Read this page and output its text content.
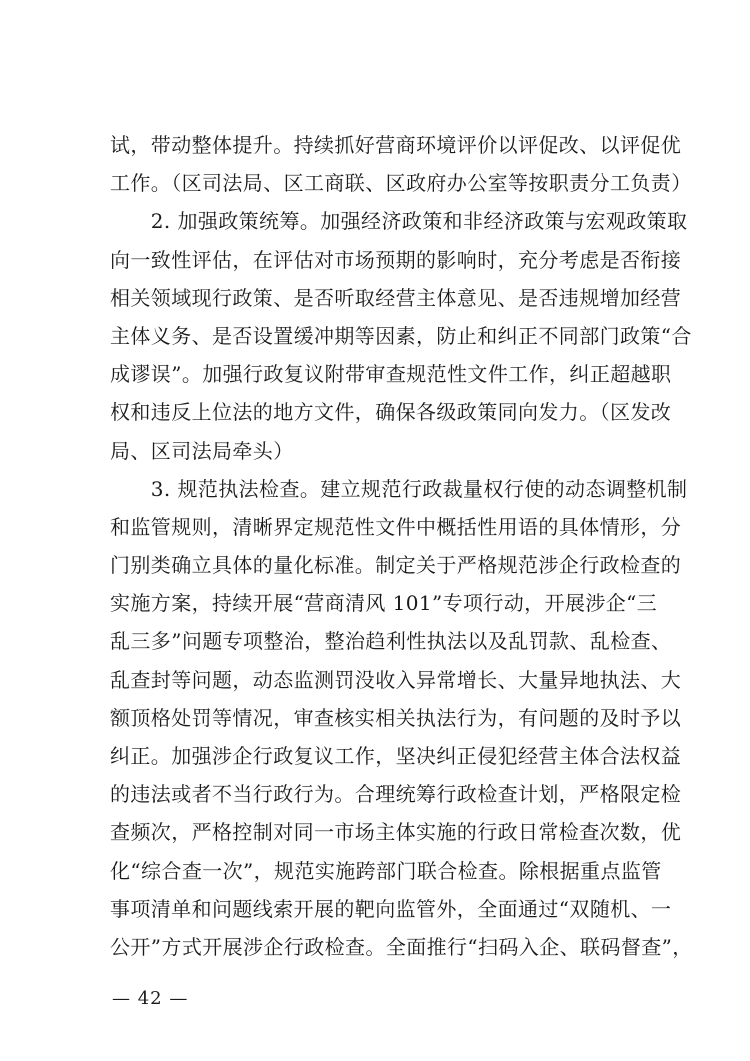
试，带动整体提升。持续抓好营商环境评价以评促改、以评促优
工作。（区司法局、区工商联、区政府办公室等按职责分工负责）
　　2. 加强政策统筹。加强经济政策和非经济政策与宏观政策取
向一致性评估，在评估对市场预期的影响时，充分考虑是否衔接
相关领域现行政策、是否听取经营主体意见、是否违规增加经营
主体义务、是否设置缓冲期等因素，防止和纠正不同部门政策“合
成谬误”。加强行政复议附带审查规范性文件工作，纠正超越职
权和违反上位法的地方文件，确保各级政策同向发力。（区发改
局、区司法局牵头）
　　3. 规范执法检查。建立规范行政裁量权行使的动态调整机制
和监管规则，清晰界定规范性文件中概括性用语的具体情形，分
门别类确立具体的量化标准。制定关于严格规范涉企行政检查的
实施方案，持续开展“营商清风 101”专项行动，开展涉企“三
乱三多”问题专项整治，整治趋利性执法以及乱罚款、乱检查、
乱查封等问题，动态监测罚没收入异常增长、大量异地执法、大
额顶格处罚等情况，审查核实相关执法行为，有问题的及时予以
纠正。加强涉企行政复议工作，坚决纠正侵犯经营主体合法权益
的违法或者不当行政行为。合理统筹行政检查计划，严格限定检
查频次，严格控制对同一市场主体实施的行政日常检查次数，优
化“综合查一次”，规范实施跨部门联合检查。除根据重点监管
事项清单和问题线索开展的靶向监管外，全面通过“双随机、一
公开”方式开展涉企行政检查。全面推行“扫码入企、联码督查”，
— 42 —
